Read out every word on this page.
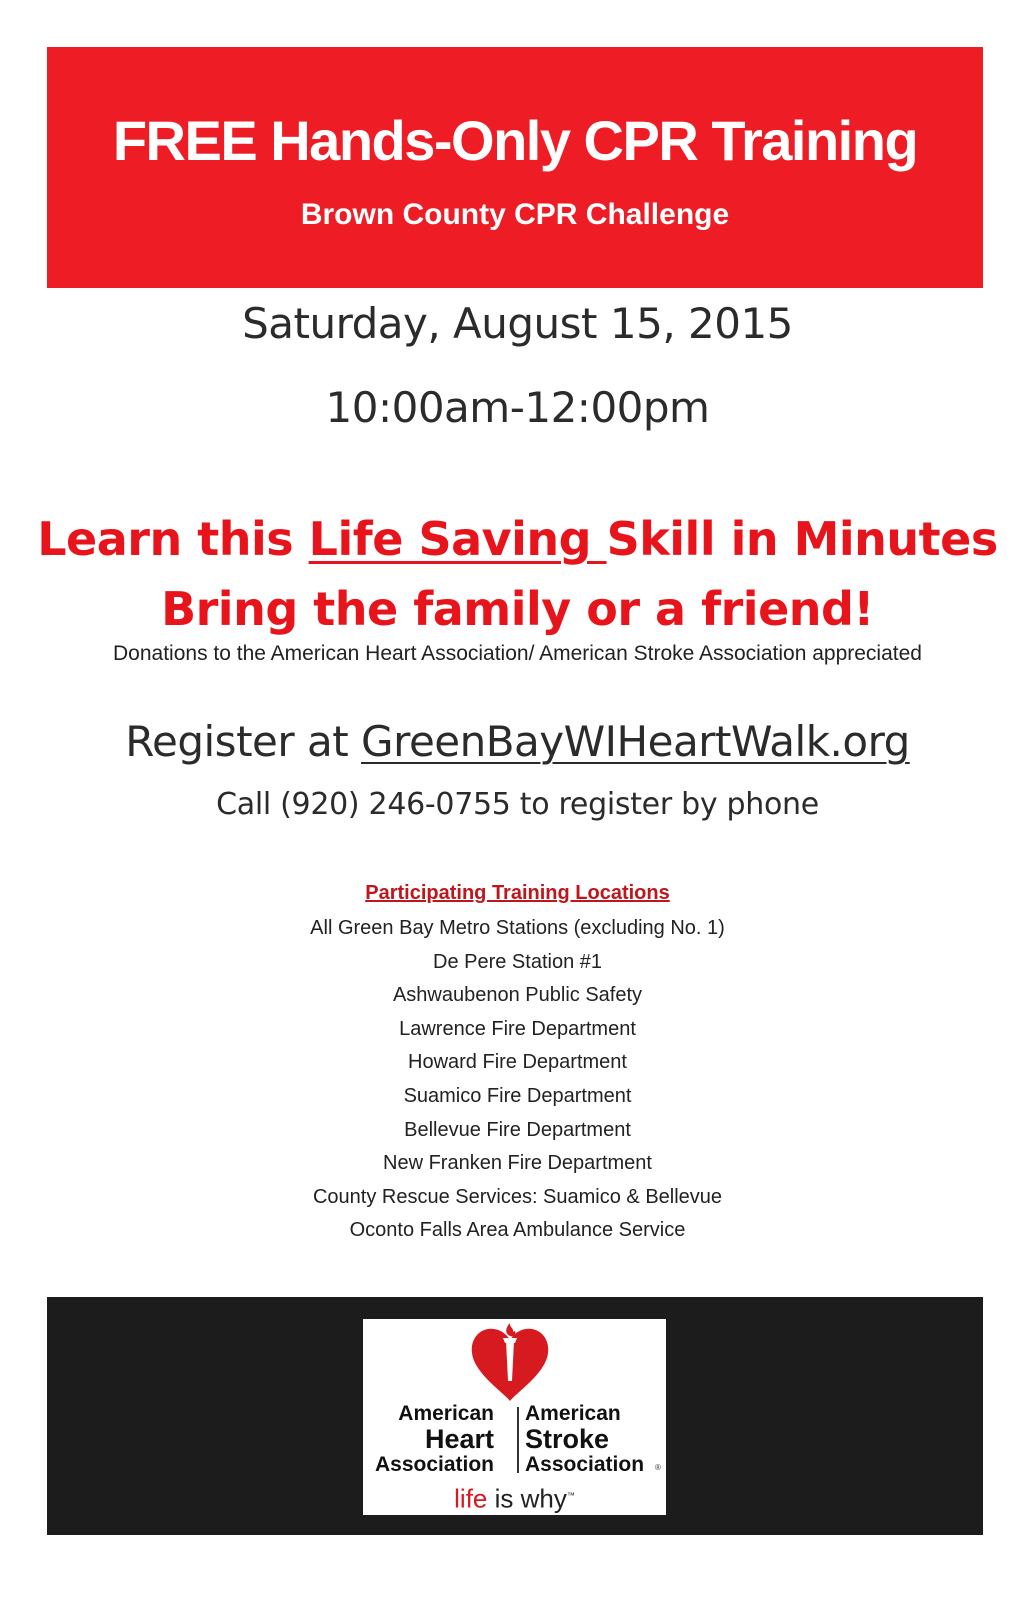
FREE Hands-Only CPR Training
Brown County CPR Challenge
Saturday, August 15, 2015
10:00am-12:00pm
Learn this Life Saving Skill in Minutes
Bring the family or a friend!
Donations to the American Heart Association/ American Stroke Association appreciated
Register at GreenBayWIHeartWalk.org
Call (920) 246-0755 to register by phone
Participating Training Locations
All Green Bay Metro Stations (excluding No. 1)
De Pere Station #1
Ashwaubenon Public Safety
Lawrence Fire Department
Howard Fire Department
Suamico Fire Department
Bellevue Fire Department
New Franken Fire Department
County Rescue Services: Suamico & Bellevue
Oconto Falls Area Ambulance Service
American
Heart
Association
American
Stroke
Association ®
life is why™
